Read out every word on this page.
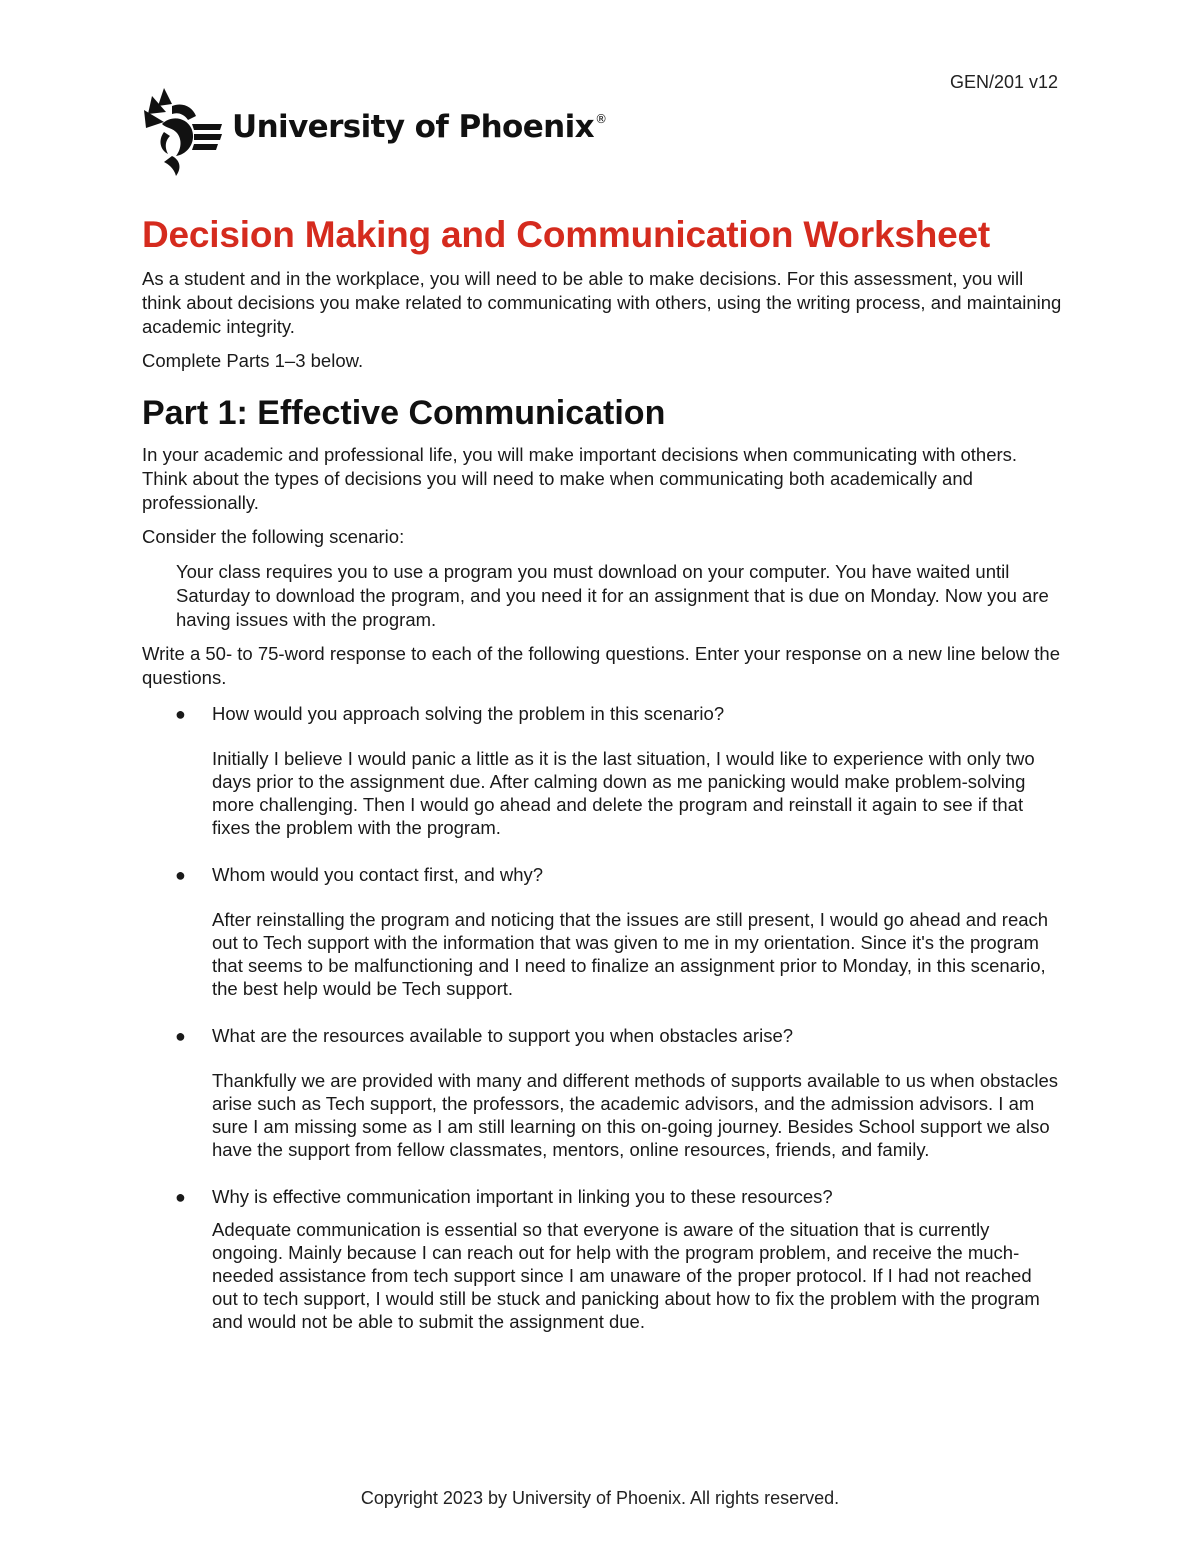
GEN/201 v12
University of Phoenix®
Decision Making and Communication Worksheet

As a student and in the workplace, you will need to be able to make decisions. For this assessment, you will think about decisions you make related to communicating with others, using the writing process, and maintaining academic integrity.

Complete Parts 1–3 below.

Part 1: Effective Communication

In your academic and professional life, you will make important decisions when communicating with others. Think about the types of decisions you will need to make when communicating both academically and professionally.

Consider the following scenario:

Your class requires you to use a program you must download on your computer. You have waited until Saturday to download the program, and you need it for an assignment that is due on Monday. Now you are having issues with the program.

Write a 50- to 75-word response to each of the following questions. Enter your response on a new line below the questions.

● How would you approach solving the problem in this scenario?
Initially I believe I would panic a little as it is the last situation, I would like to experience with only two days prior to the assignment due. After calming down as me panicking would make problem-solving more challenging. Then I would go ahead and delete the program and reinstall it again to see if that fixes the problem with the program.
● Whom would you contact first, and why?
After reinstalling the program and noticing that the issues are still present, I would go ahead and reach out to Tech support with the information that was given to me in my orientation. Since it's the program that seems to be malfunctioning and I need to finalize an assignment prior to Monday, in this scenario, the best help would be Tech support.
● What are the resources available to support you when obstacles arise?
Thankfully we are provided with many and different methods of supports available to us when obstacles arise such as Tech support, the professors, the academic advisors, and the admission advisors. I am sure I am missing some as I am still learning on this on-going journey. Besides School support we also have the support from fellow classmates, mentors, online resources, friends, and family.
● Why is effective communication important in linking you to these resources?
Adequate communication is essential so that everyone is aware of the situation that is currently ongoing. Mainly because I can reach out for help with the program problem, and receive the much-needed assistance from tech support since I am unaware of the proper protocol. If I had not reached out to tech support, I would still be stuck and panicking about how to fix the problem with the program and would not be able to submit the assignment due.
Copyright 2023 by University of Phoenix. All rights reserved.
